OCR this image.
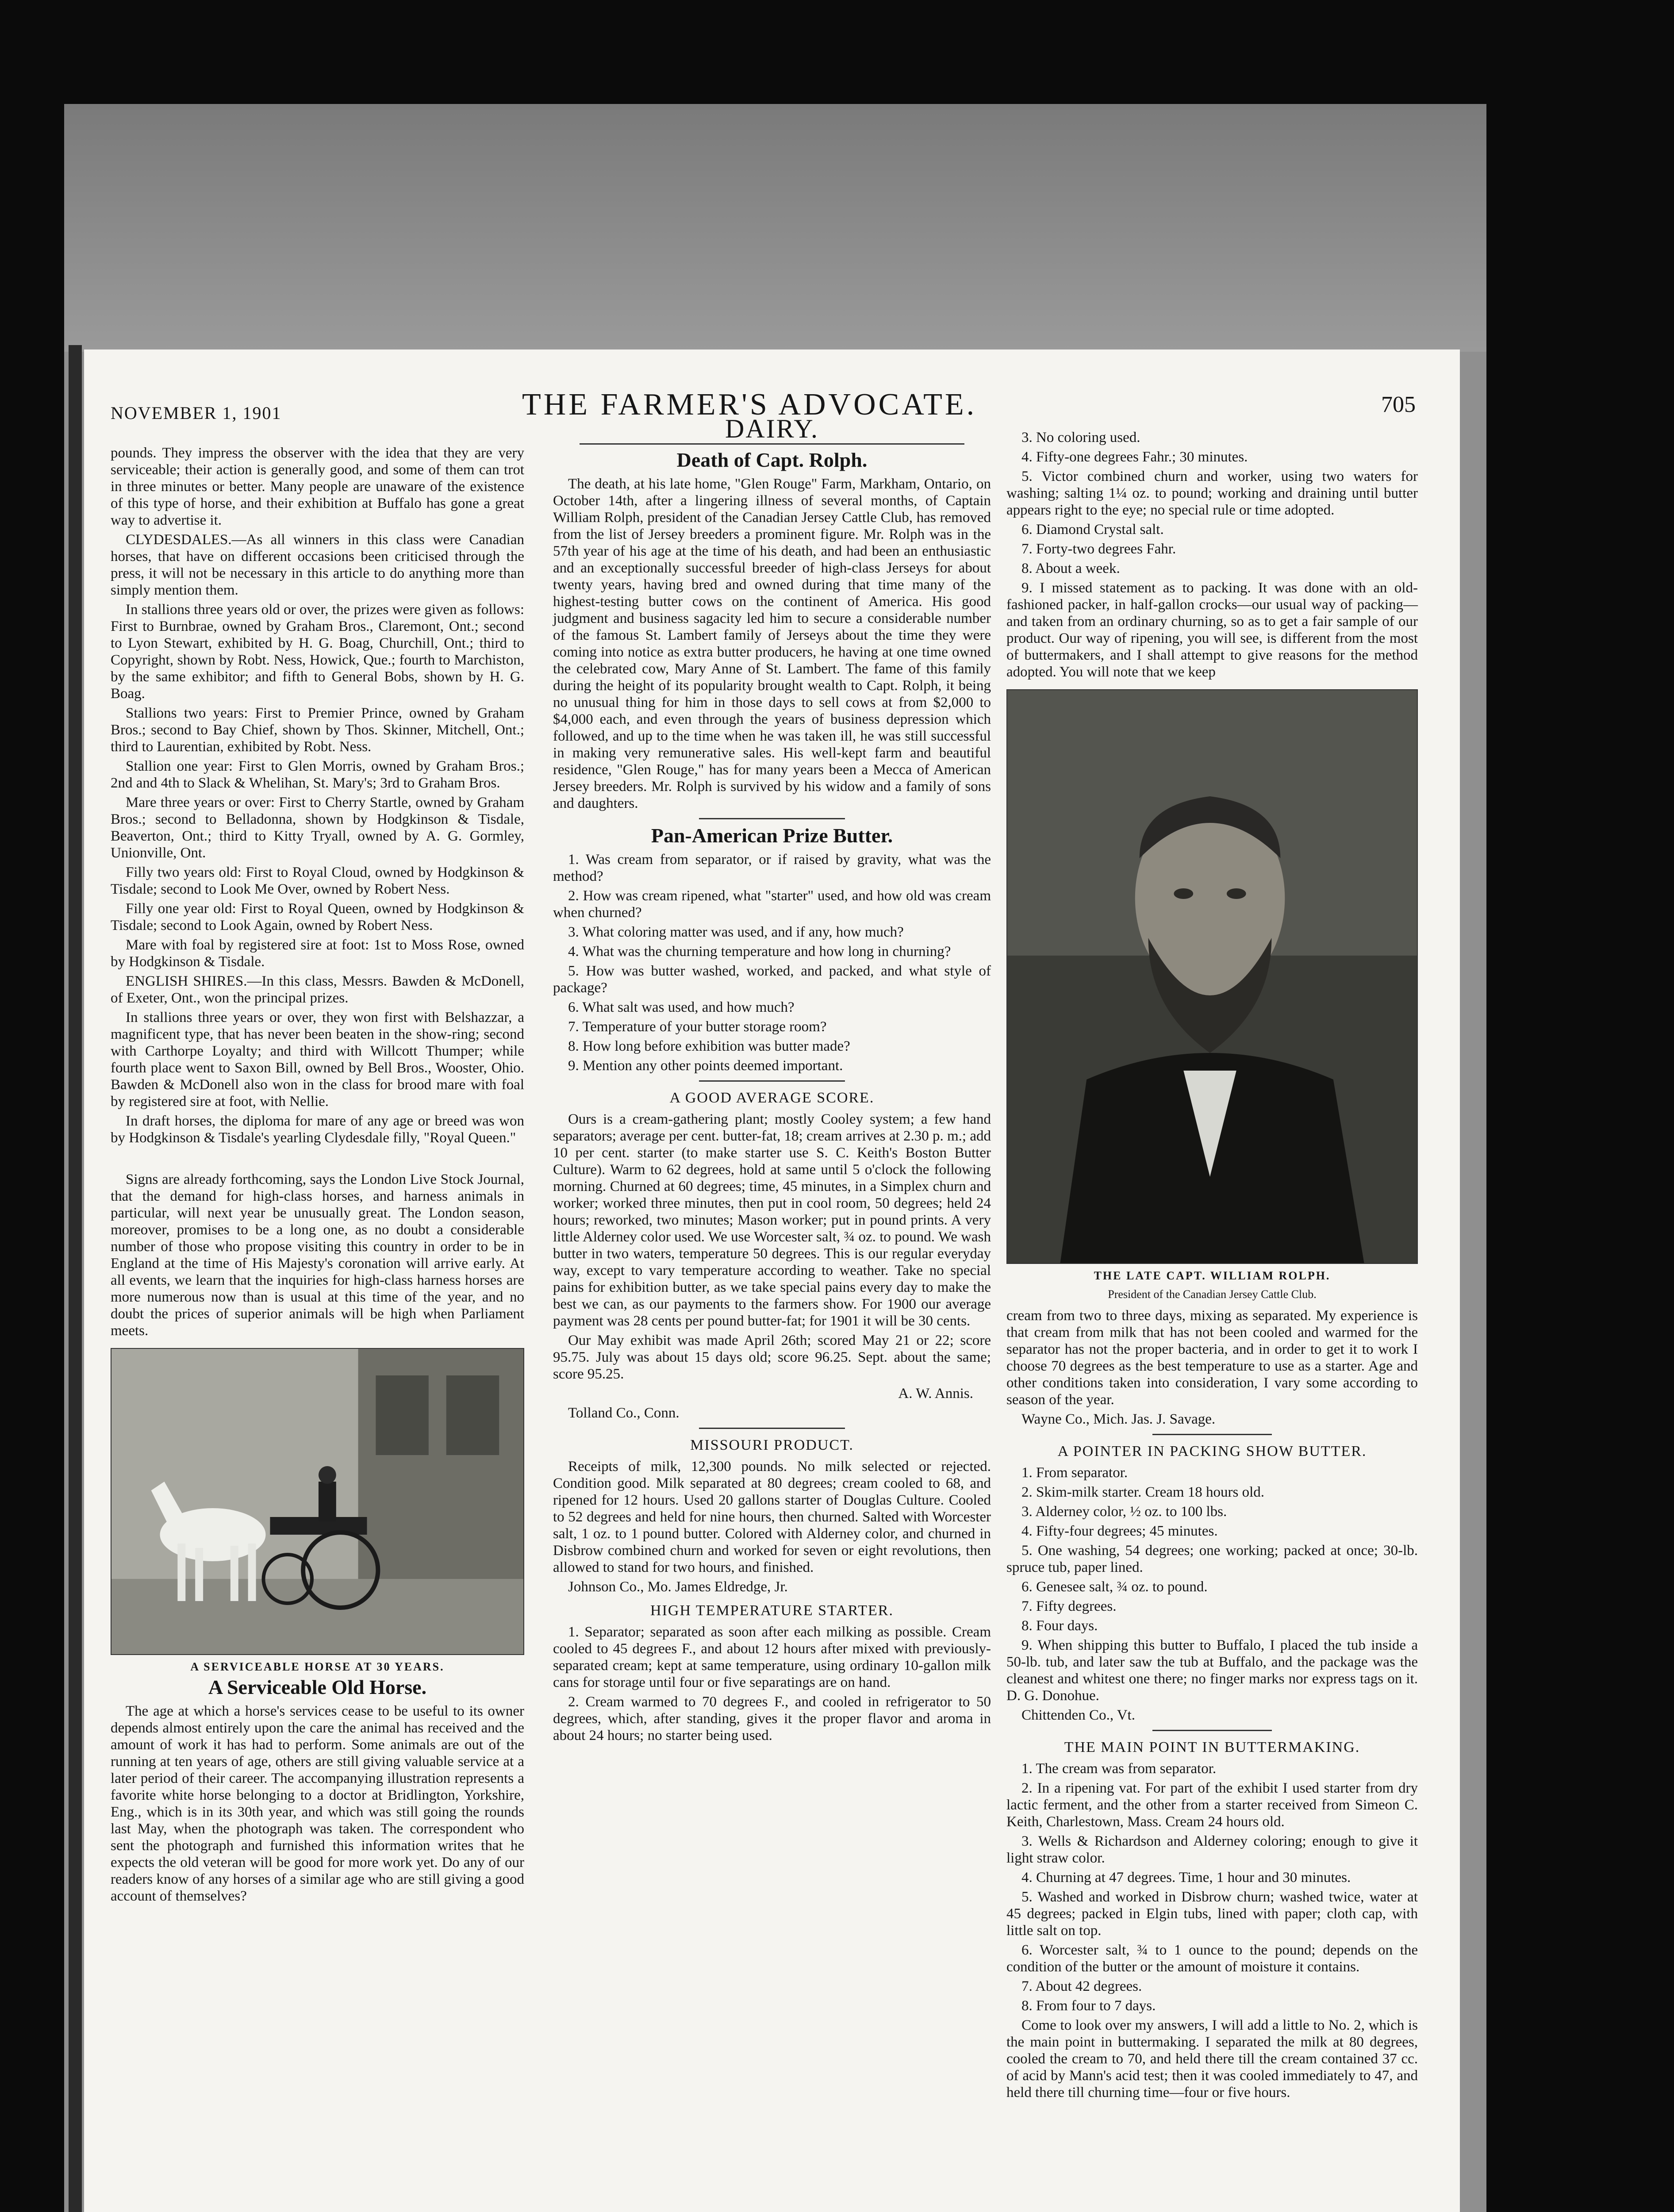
NOVEMBER 1, 1901	THE FARMER'S ADVOCATE.	705

pounds. They impress the observer with the idea that they are very serviceable; their action is generally good, and some of them can trot in three minutes or better. Many people are unaware of the existence of this type of horse, and their exhibition at Buffalo has gone a great way to advertise it.

CLYDESDALES.—As all winners in this class were Canadian horses, that have on different occasions been criticised through the press, it will not be necessary in this article to do anything more than simply mention them.

In stallions three years old or over, the prizes were given as follows: First to Burnbrae, owned by Graham Bros., Claremont, Ont.; second to Lyon Stewart, exhibited by H. G. Boag, Churchill, Ont.; third to Copyright, shown by Robt. Ness, Howick, Que.; fourth to Marchiston, by the same exhibitor; and fifth to General Bobs, shown by H. G. Boag.

Stallions two years: First to Premier Prince, owned by Graham Bros.; second to Bay Chief, shown by Thos. Skinner, Mitchell, Ont.; third to Laurentian, exhibited by Robt. Ness.

Stallion one year: First to Glen Morris, owned by Graham Bros.; 2nd and 4th to Slack & Whelihan, St. Mary's; 3rd to Graham Bros.

Mare three years or over: First to Cherry Startle, owned by Graham Bros.; second to Belladonna, shown by Hodgkinson & Tisdale, Beaverton, Ont.; third to Kitty Tryall, owned by A. G. Gormley, Unionville, Ont.

Filly two years old: First to Royal Cloud, owned by Hodgkinson & Tisdale; second to Look Me Over, owned by Robert Ness.

Filly one year old: First to Royal Queen, owned by Hodgkinson & Tisdale; second to Look Again, owned by Robert Ness.

Mare with foal by registered sire at foot: 1st to Moss Rose, owned by Hodgkinson & Tisdale.

ENGLISH SHIRES.—In this class, Messrs. Bawden & McDonell, of Exeter, Ont., won the principal prizes.

In stallions three years or over, they won first with Belshazzar, a magnificent type, that has never been beaten in the show-ring; second with Carthorpe Loyalty; and third with Willcott Thumper; while fourth place went to Saxon Bill, owned by Bell Bros., Wooster, Ohio. Bawden & McDonell also won in the class for brood mare with foal by registered sire at foot, with Nellie.

In draft horses, the diploma for mare of any age or breed was won by Hodgkinson & Tisdale's yearling Clydesdale filly, "Royal Queen."

Signs are already forthcoming, says the London Live Stock Journal, that the demand for high-class horses, and harness animals in particular, will next year be unusually great. The London season, moreover, promises to be a long one, as no doubt a considerable number of those who propose visiting this country in order to be in England at the time of His Majesty's coronation will arrive early. At all events, we learn that the inquiries for high-class harness horses are more numerous now than is usual at this time of the year, and no doubt the prices of superior animals will be high when Parliament meets.

A SERVICEABLE HORSE AT 30 YEARS.
A Serviceable Old Horse.

The age at which a horse's services cease to be useful to its owner depends almost entirely upon the care the animal has received and the amount of work it has had to perform. Some animals are out of the running at ten years of age, others are still giving valuable service at a later period of their career. The accompanying illustration represents a favorite white horse belonging to a doctor at Bridlington, Yorkshire, Eng., which is in its 30th year, and which was still going the rounds last May, when the photograph was taken. The correspondent who sent the photograph and furnished this information writes that he expects the old veteran will be good for more work yet. Do any of our readers know of any horses of a similar age who are still giving a good account of themselves?

DAIRY.
Death of Capt. Rolph.

The death, at his late home, "Glen Rouge" Farm, Markham, Ontario, on October 14th, after a lingering illness of several months, of Captain William Rolph, president of the Canadian Jersey Cattle Club, has removed from the list of Jersey breeders a prominent figure. Mr. Rolph was in the 57th year of his age at the time of his death, and had been an enthusiastic and an exceptionally successful breeder of high-class Jerseys for about twenty years, having bred and owned during that time many of the highest-testing butter cows on the continent of America. His good judgment and business sagacity led him to secure a considerable number of the famous St. Lambert family of Jerseys about the time they were coming into notice as extra butter producers, he having at one time owned the celebrated cow, Mary Anne of St. Lambert. The fame of this family during the height of its popularity brought wealth to Capt. Rolph, it being no unusual thing for him in those days to sell cows at from $2,000 to $4,000 each, and even through the years of business depression which followed, and up to the time when he was taken ill, he was still successful in making very remunerative sales. His well-kept farm and beautiful residence, "Glen Rouge," has for many years been a Mecca of American Jersey breeders. Mr. Rolph is survived by his widow and a family of sons and daughters.

Pan-American Prize Butter.

1. Was cream from separator, or if raised by gravity, what was the method?

2. How was cream ripened, what "starter" used, and how old was cream when churned?

3. What coloring matter was used, and if any, how much?

4. What was the churning temperature and how long in churning?

5. How was butter washed, worked, and packed, and what style of package?

6. What salt was used, and how much?

7. Temperature of your butter storage room?

8. How long before exhibition was butter made?

9. Mention any other points deemed important.

A GOOD AVERAGE SCORE.

Ours is a cream-gathering plant; mostly Cooley system; a few hand separators; average per cent. butter-fat, 18; cream arrives at 2.30 p. m.; add 10 per cent. starter (to make starter use S. C. Keith's Boston Butter Culture). Warm to 62 degrees, hold at same until 5 o'clock the following morning. Churned at 60 degrees; time, 45 minutes, in a Simplex churn and worker; worked three minutes, then put in cool room, 50 degrees; held 24 hours; reworked, two minutes; Mason worker; put in pound prints. A very little Alderney color used. We use Worcester salt, ¾ oz. to pound. We wash butter in two waters, temperature 50 degrees. This is our regular everyday way, except to vary temperature according to weather. Take no special pains for exhibition butter, as we take special pains every day to make the best we can, as our payments to the farmers show. For 1900 our average payment was 28 cents per pound butter-fat; for 1901 it will be 30 cents.

Our May exhibit was made April 26th; scored May 21 or 22; score 95.75. July was about 15 days old; score 96.25. Sept. about the same; score 95.25.

A. W. Annis.

Tolland Co., Conn.

MISSOURI PRODUCT.

Receipts of milk, 12,300 pounds. No milk selected or rejected. Condition good. Milk separated at 80 degrees; cream cooled to 68, and ripened for 12 hours. Used 20 gallons starter of Douglas Culture. Cooled to 52 degrees and held for nine hours, then churned. Salted with Worcester salt, 1 oz. to 1 pound butter. Colored with Alderney color, and churned in Disbrow combined churn and worked for seven or eight revolutions, then allowed to stand for two hours, and finished.

Johnson Co., Mo. James Eldredge, Jr.

HIGH TEMPERATURE STARTER.

1. Separator; separated as soon after each milking as possible. Cream cooled to 45 degrees F., and about 12 hours after mixed with previously-separated cream; kept at same temperature, using ordinary 10-gallon milk cans for storage until four or five separatings are on hand.

2. Cream warmed to 70 degrees F., and cooled in refrigerator to 50 degrees, which, after standing, gives it the proper flavor and aroma in about 24 hours; no starter being used.

3. No coloring used.

4. Fifty-one degrees Fahr.; 30 minutes.

5. Victor combined churn and worker, using two waters for washing; salting 1¼ oz. to pound; working and draining until butter appears right to the eye; no special rule or time adopted.

6. Diamond Crystal salt.

7. Forty-two degrees Fahr.

8. About a week.

9. I missed statement as to packing. It was done with an old-fashioned packer, in half-gallon crocks—our usual way of packing—and taken from an ordinary churning, so as to get a fair sample of our product. Our way of ripening, you will see, is different from the most of buttermakers, and I shall attempt to give reasons for the method adopted. You will note that we keep

THE LATE CAPT. WILLIAM ROLPH.
President of the Canadian Jersey Cattle Club.

cream from two to three days, mixing as separated. My experience is that cream from milk that has not been cooled and warmed for the separator has not the proper bacteria, and in order to get it to work I choose 70 degrees as the best temperature to use as a starter. Age and other conditions taken into consideration, I vary some according to season of the year.

Wayne Co., Mich. Jas. J. Savage.

A POINTER IN PACKING SHOW BUTTER.

1. From separator.

2. Skim-milk starter. Cream 18 hours old.

3. Alderney color, ½ oz. to 100 lbs.

4. Fifty-four degrees; 45 minutes.

5. One washing, 54 degrees; one working; packed at once; 30-lb. spruce tub, paper lined.

6. Genesee salt, ¾ oz. to pound.

7. Fifty degrees.

8. Four days.

9. When shipping this butter to Buffalo, I placed the tub inside a 50-lb. tub, and later saw the tub at Buffalo, and the package was the cleanest and whitest one there; no finger marks nor express tags on it. D. G. Donohue.

Chittenden Co., Vt.

THE MAIN POINT IN BUTTERMAKING.

1. The cream was from separator.

2. In a ripening vat. For part of the exhibit I used starter from dry lactic ferment, and the other from a starter received from Simeon C. Keith, Charlestown, Mass. Cream 24 hours old.

3. Wells & Richardson and Alderney coloring; enough to give it light straw color.

4. Churning at 47 degrees. Time, 1 hour and 30 minutes.

5. Washed and worked in Disbrow churn; washed twice, water at 45 degrees; packed in Elgin tubs, lined with paper; cloth cap, with little salt on top.

6. Worcester salt, ¾ to 1 ounce to the pound; depends on the condition of the butter or the amount of moisture it contains.

7. About 42 degrees.

8. From four to 7 days.

Come to look over my answers, I will add a little to No. 2, which is the main point in buttermaking. I separated the milk at 80 degrees, cooled the cream to 70, and held there till the cream contained 37 cc. of acid by Mann's acid test; then it was cooled immediately to 47, and held there till churning time—four or five hours.
